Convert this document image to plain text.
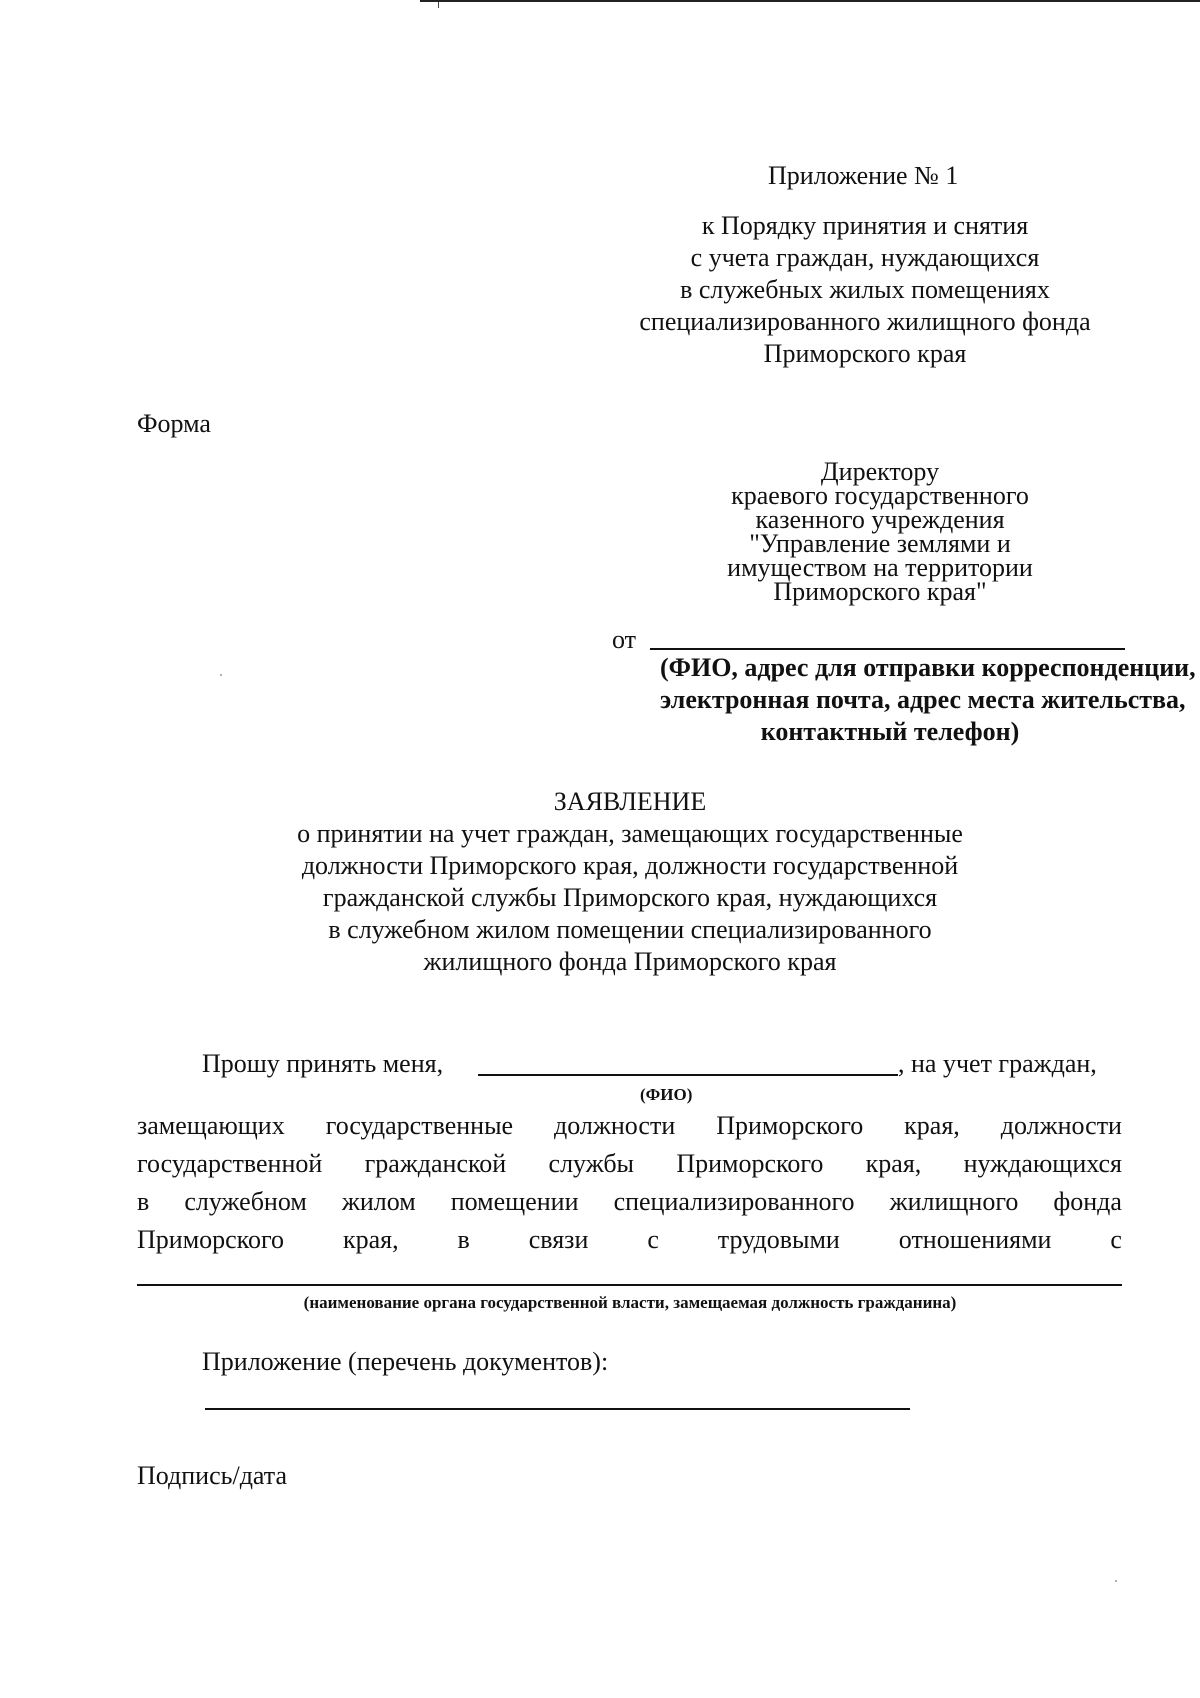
Приложение № 1
к Порядку принятия и снятия
с учета граждан, нуждающихся
в служебных жилых помещениях
специализированного жилищного фонда
Приморского края
Форма
Директору
краевого государственного
казенного учреждения
"Управление землями и
имуществом на территории
Приморского края"
от
(ФИО, адрес для отправки корреспонденции,
электронная почта, адрес места жительства,
контактный телефон)
ЗАЯВЛЕНИЕ
о принятии на учет граждан, замещающих государственные
должности Приморского края, должности государственной
гражданской службы Приморского края, нуждающихся
в служебном жилом помещении специализированного
жилищного фонда Приморского края
Прошу принять меня,	, на учет граждан,
(ФИО)
замещающих государственные должности Приморского края, должности
государственной гражданской службы Приморского края, нуждающихся
в служебном жилом помещении специализированного жилищного фонда
Приморского края, в связи с трудовыми отношениями с
(наименование органа государственной власти, замещаемая должность гражданина)
Приложение (перечень документов):
Подпись/дата
